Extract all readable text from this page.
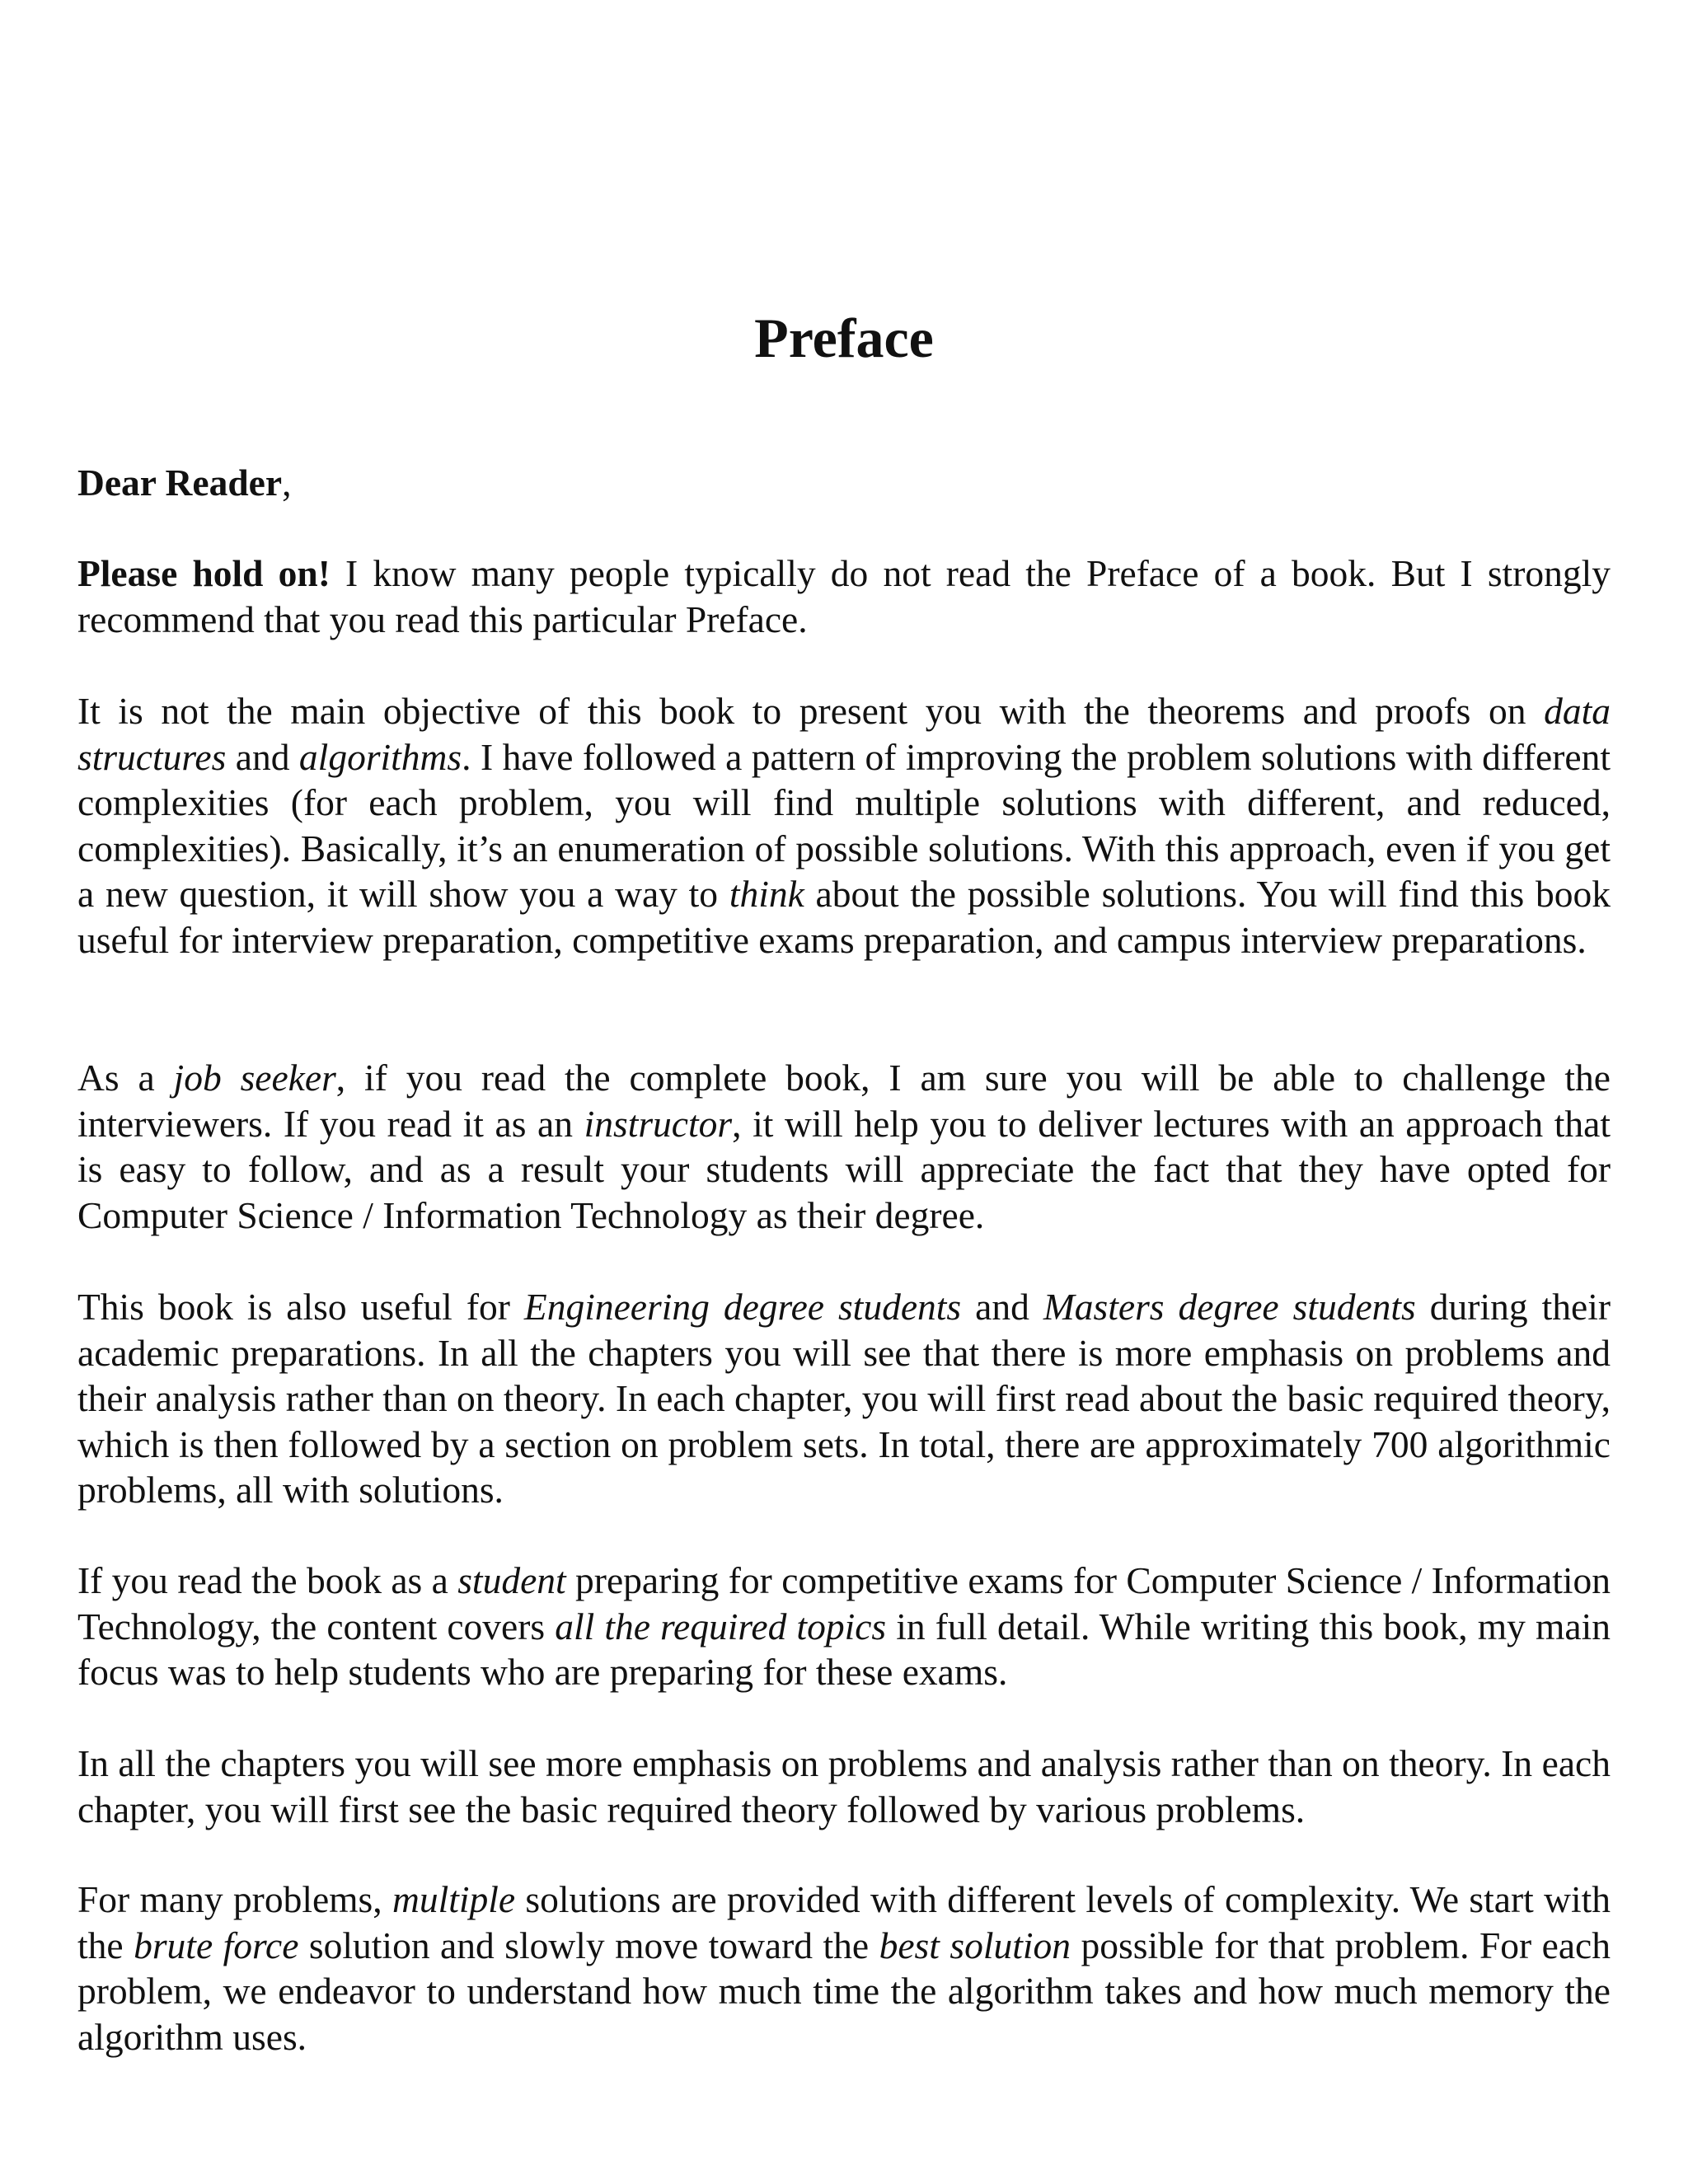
Preface
Dear Reader,
Please hold on! I know many people typically do not read the Preface of a book. But I strongly recommend that you read this particular Preface.
It is not the main objective of this book to present you with the theorems and proofs on data structures and algorithms. I have followed a pattern of improving the problem solutions with different complexities (for each problem, you will find multiple solutions with different, and reduced, complexities). Basically, it’s an enumeration of possible solutions. With this approach, even if you get a new question, it will show you a way to think about the possible solutions. You will find this book useful for interview preparation, competitive exams preparation, and campus interview preparations.
As a job seeker, if you read the complete book, I am sure you will be able to challenge the interviewers. If you read it as an instructor, it will help you to deliver lectures with an approach that is easy to follow, and as a result your students will appreciate the fact that they have opted for Computer Science / Information Technology as their degree.
This book is also useful for Engineering degree students and Masters degree students during their academic preparations. In all the chapters you will see that there is more emphasis on problems and their analysis rather than on theory. In each chapter, you will first read about the basic required theory, which is then followed by a section on problem sets. In total, there are approximately 700 algorithmic problems, all with solutions.
If you read the book as a student preparing for competitive exams for Computer Science / Information Technology, the content covers all the required topics in full detail. While writing this book, my main focus was to help students who are preparing for these exams.
In all the chapters you will see more emphasis on problems and analysis rather than on theory. In each chapter, you will first see the basic required theory followed by various problems.
For many problems, multiple solutions are provided with different levels of complexity. We start with the brute force solution and slowly move toward the best solution possible for that problem. For each problem, we endeavor to understand how much time the algorithm takes and how much memory the algorithm uses.
